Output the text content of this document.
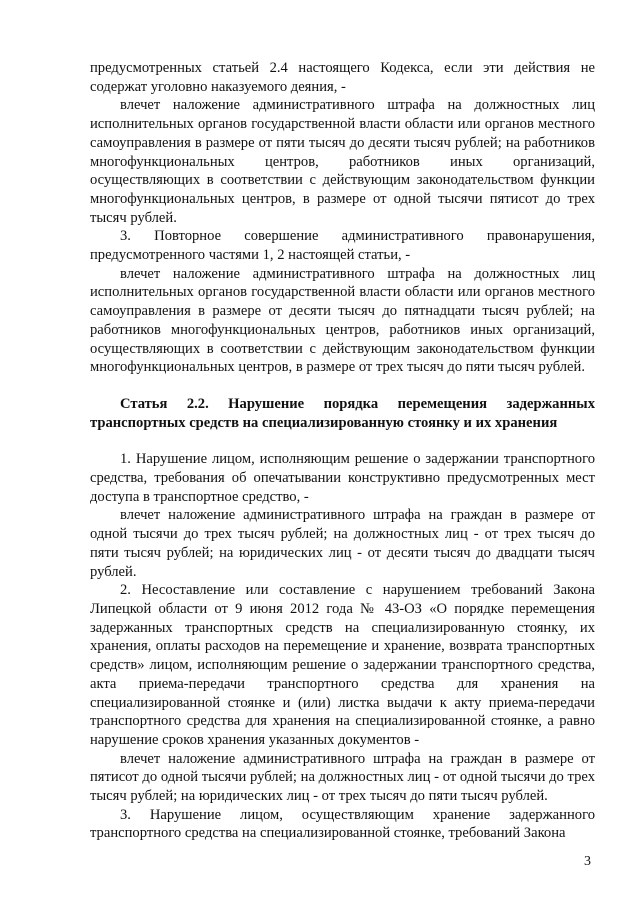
предусмотренных статьей 2.4 настоящего Кодекса, если эти действия не содержат уголовно наказуемого деяния, -

влечет наложение административного штрафа на должностных лиц исполнительных органов государственной власти области или органов местного самоуправления в размере от пяти тысяч до десяти тысяч рублей; на работников многофункциональных центров, работников иных организаций, осуществляющих в соответствии с действующим законодательством функции многофункциональных центров, в размере от одной тысячи пятисот до трех тысяч рублей.

3. Повторное совершение административного правонарушения, предусмотренного частями 1, 2 настоящей статьи, -

влечет наложение административного штрафа на должностных лиц исполнительных органов государственной власти области или органов местного самоуправления в размере от десяти тысяч до пятнадцати тысяч рублей; на работников многофункциональных центров, работников иных организаций, осуществляющих в соответствии с действующим законодательством функции многофункциональных центров, в размере от трех тысяч до пяти тысяч рублей.

Статья 2.2. Нарушение порядка перемещения задержанных транспортных средств на специализированную стоянку и их хранения

1. Нарушение лицом, исполняющим решение о задержании транспортного средства, требования об опечатывании конструктивно предусмотренных мест доступа в транспортное средство, -

влечет наложение административного штрафа на граждан в размере от одной тысячи до трех тысяч рублей; на должностных лиц - от трех тысяч до пяти тысяч рублей; на юридических лиц - от десяти тысяч до двадцати тысяч рублей.

2. Несоставление или составление с нарушением требований Закона Липецкой области от 9 июня 2012 года № 43-ОЗ «О порядке перемещения задержанных транспортных средств на специализированную стоянку, их хранения, оплаты расходов на перемещение и хранение, возврата транспортных средств» лицом, исполняющим решение о задержании транспортного средства, акта приема-передачи транспортного средства для хранения на специализированной стоянке и (или) листка выдачи к акту приема-передачи транспортного средства для хранения на специализированной стоянке, а равно нарушение сроков хранения указанных документов -

влечет наложение административного штрафа на граждан в размере от пятисот до одной тысячи рублей; на должностных лиц - от одной тысячи до трех тысяч рублей; на юридических лиц - от трех тысяч до пяти тысяч рублей.

3. Нарушение лицом, осуществляющим хранение задержанного транспортного средства на специализированной стоянке, требований Закона

3
